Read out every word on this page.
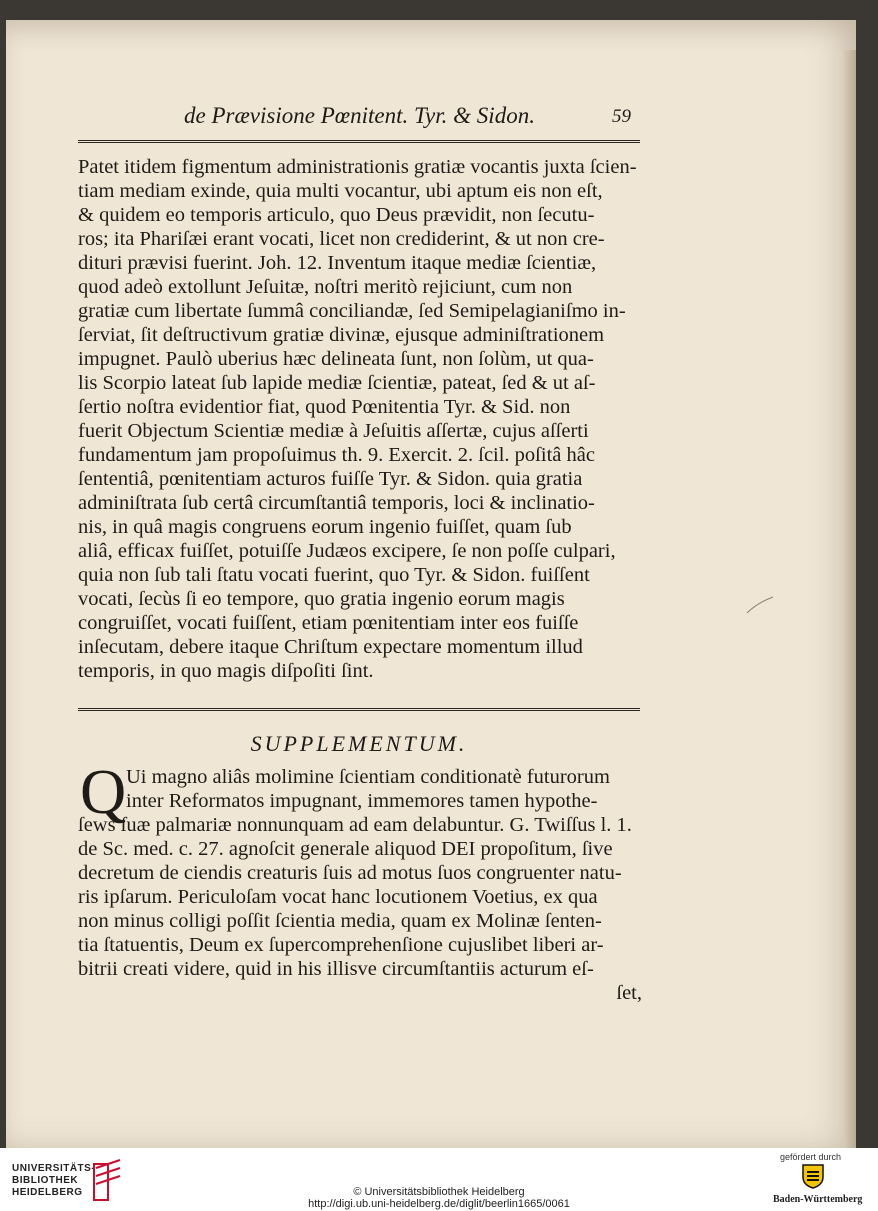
de Prævisione Pœnitent. Tyr. & Sidon.	59
Patet itidem figmentum administrationis gratiæ vocantis juxta ſcien-
tiam mediam exinde, quia multi vocantur, ubi aptum eis non eſt,
& quidem eo temporis articulo, quo Deus prævidit, non ſecutu-
ros; ita Phariſæi erant vocati, licet non crediderint, & ut non cre-
dituri prævisi fuerint. Joh. 12. Inventum itaque mediæ ſcientiæ,
quod adeò extollunt Jeſuitæ, noſtri meritò rejiciunt, cum non
gratiæ cum libertate ſummâ conciliandæ, ſed Semipelagianiſmo in-
ſerviat, ſit deſtructivum gratiæ divinæ, ejusque adminiſtrationem
impugnet. Paulò uberius hæc delineata ſunt, non ſolùm, ut qua-
lis Scorpio lateat ſub lapide mediæ ſcientiæ, pateat, ſed & ut aſ-
ſertio noſtra evidentior fiat, quod Pœnitentia Tyr. & Sid. non
fuerit Objectum Scientiæ mediæ à Jeſuitis aſſertæ, cujus aſſerti
fundamentum jam propoſuimus th. 9. Exercit. 2. ſcil. poſitâ hâc
ſententiâ, pœnitentiam acturos fuiſſe Tyr. & Sidon. quia gratia
adminiſtrata ſub certâ circumſtantiâ temporis, loci & inclinatio-
nis, in quâ magis congruens eorum ingenio fuiſſet, quam ſub
aliâ, efficax fuiſſet, potuiſſe Judæos excipere, ſe non poſſe culpari,
quia non ſub tali ſtatu vocati fuerint, quo Tyr. & Sidon. fuiſſent
vocati, ſecùs ſi eo tempore, quo gratia ingenio eorum magis
congruiſſet, vocati fuiſſent, etiam pœnitentiam inter eos fuiſſe
inſecutam, debere itaque Chriſtum expectare momentum illud
temporis, in quo magis diſpoſiti ſint.
SUPPLEMENTUM.
Q Ui magno aliâs molimine ſcientiam conditionatè futurorum
inter Reformatos impugnant, immemores tamen hypothe-
ſews ſuæ palmariæ nonnunquam ad eam delabuntur. G. Twiſſus l. 1.
de Sc. med. c. 27. agnoſcit generale aliquod DEI propoſitum, ſive
decretum de ciendis creaturis ſuis ad motus ſuos congruenter natu-
ris ipſarum. Periculoſam vocat hanc locutionem Voetius, ex qua
non minus colligi poſſit ſcientia media, quam ex Molinæ ſenten-
tia ſtatuentis, Deum ex ſupercomprehenſione cujuslibet liberi ar-
bitrii creati videre, quid in his illisve circumſtantiis acturum eſ-
ſet,
UNIVERSITÄTS-
BIBLIOTHEK
HEIDELBERG	© Universitätsbibliothek Heidelberg
http://digi.ub.uni-heidelberg.de/diglit/beerlin1665/0061
gefördert durch
Baden-Württemberg
